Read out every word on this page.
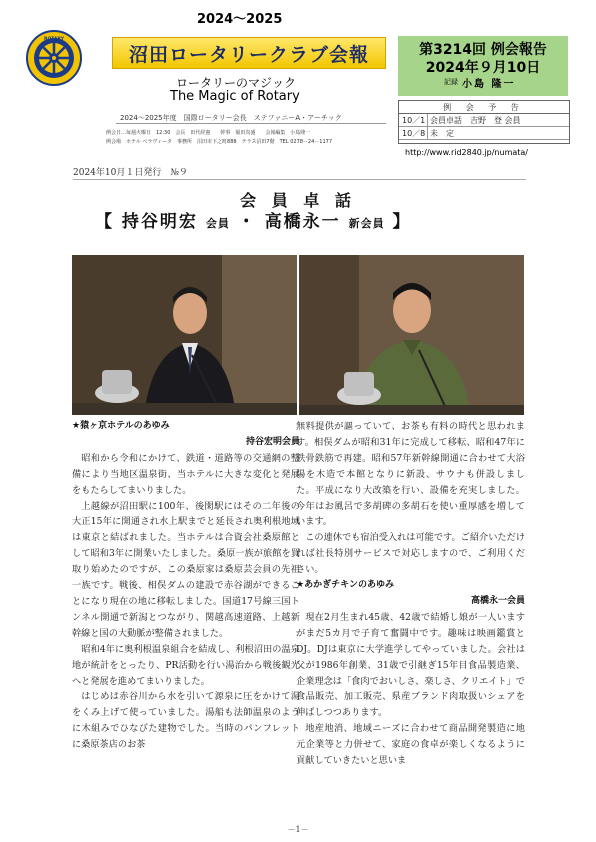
2024～2025
ROTARY
沼田ロータリークラブ会報
ロータリーのマジック
The Magic of Rotary
2024～2025年度　国際ロータリー会長　ステファニーA・アーチック
例会日…毎週火曜日　12:30　会長　田代経憲　　幹事　堀田真盛　　会報編集　小島隆一
例会場　ホテル ベラヴィータ　事務所　沼田市下之町888　テラス沼田7階　TEL 0278－24－1177
第3214回 例会報告
2024年９月10日
記録 小島 隆一
例 会 予 告
10／1 会員卓話　吉野　登 会員
10／8 未　定
http://www.rid2840.jp/numata/
2024年10月１日発行　№９
会 員 卓 話
【 持谷明宏 会員 ・ 高橋永一 新会員 】

★猿ヶ京ホテルのあゆみ

持谷宏明会員

昭和から令和にかけて、鉄道・道路等の交通網の整備により当地区温泉街、当ホテルに大きな変化と発展をもたらしてまいりました。

上越線が沼田駅に100年、後閑駅にはその二年後の大正15年に開通され水上駅までと延長され奥利根地域は東京と結ばれました。当ホテルは合資会社桑原館として昭和3年に開業いたしました。桑原一族が旅館を買取り始めたのですが、この桑原家は桑原芸会員の先祖一族です。戦後、相俣ダムの建設で赤谷湖ができることになり現在の地に移転しました。国道17号線三国トンネル開通で新潟とつながり、関越高速道路、上越新幹線と国の大動脈が整備されました。

昭和4年に奥利根温泉組合を結成し、利根沼田の温泉地が統計をとったり、PR活動を行い湯治から戦後観光へと発展を進めてまいりました。

はじめは赤谷川から水を引いて源泉に圧をかけて湯をくみ上げて使っていました。湯船も法師温泉のように木組みでひなびた建物でした。当時のパンフレットに桑原茶店のお茶

無料提供が謳っていて、お茶も有料の時代と思われます。相俣ダムが昭和31年に完成して移転、昭和47年に鉄骨鉄筋で再建。昭和57年新幹線開通に合わせて大浴場を木造で本館となりに新設、サウナも併設しました。平成になり大改築を行い、設備を充実しました。今年はお風呂で多胡碑の多胡石を使い重厚感を増しています。

この連休でも宿泊受入れは可能です。ご紹介いただければ社長特別サービスで対応しますので、ご利用ください。

★あかぎチキンのあゆみ

高橋永一会員

現在2月生まれ45歳、42歳で結婚し娘が一人いますがまだ5カ月で子育て奮闘中です。趣味は映画鑑賞とDJ。DJは東京に大学進学してやっていました。会社は父が1986年創業、31歳で引継ぎ15年目食品製造業、企業理念は「食肉でおいしさ、楽しさ、クリエイト」で食品販売、加工販売、県産ブランド肉取扱いシェアを伸ばしつつあります。

地産地消、地域ニーズに合わせて商品開発製造に地元企業等と力併せて、家庭の食卓が楽しくなるように貢献していきたいと思いま

－1－
